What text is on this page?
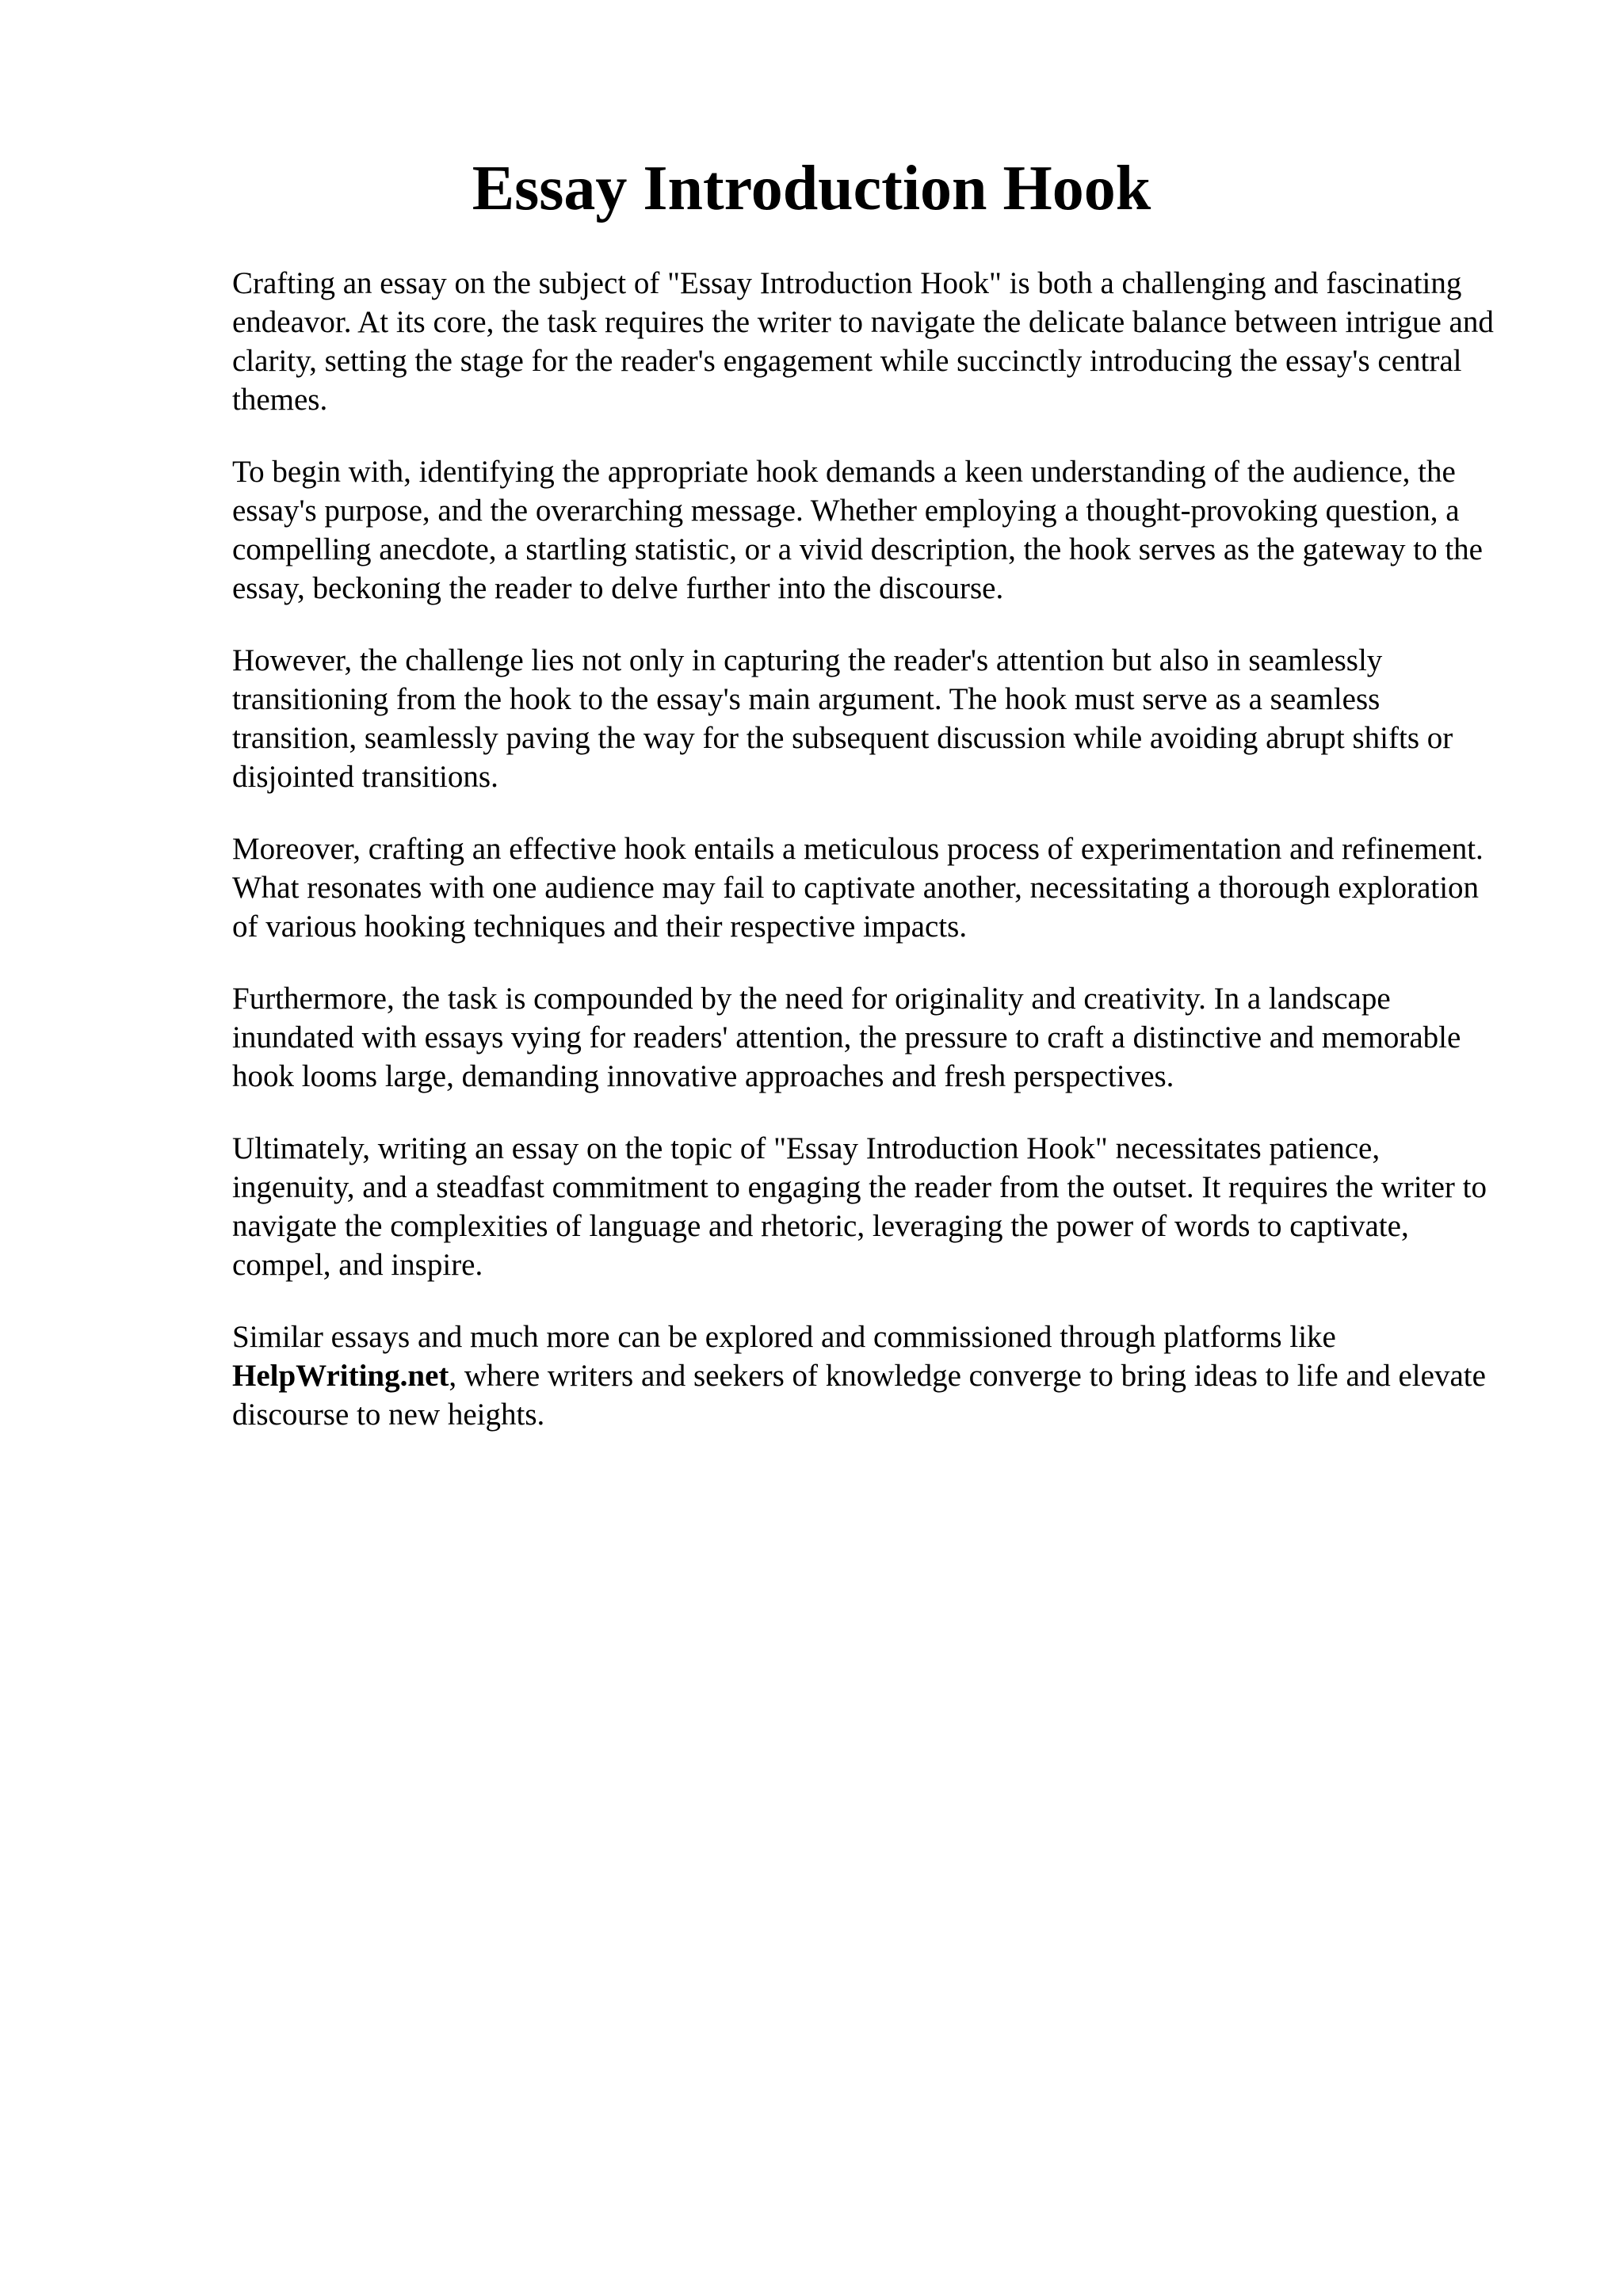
Essay Introduction Hook

Crafting an essay on the subject of "Essay Introduction Hook" is both a challenging and fascinating endeavor. At its core, the task requires the writer to navigate the delicate balance between intrigue and clarity, setting the stage for the reader's engagement while succinctly introducing the essay's central themes.

To begin with, identifying the appropriate hook demands a keen understanding of the audience, the essay's purpose, and the overarching message. Whether employing a thought-provoking question, a compelling anecdote, a startling statistic, or a vivid description, the hook serves as the gateway to the essay, beckoning the reader to delve further into the discourse.

However, the challenge lies not only in capturing the reader's attention but also in seamlessly transitioning from the hook to the essay's main argument. The hook must serve as a seamless transition, seamlessly paving the way for the subsequent discussion while avoiding abrupt shifts or disjointed transitions.

Moreover, crafting an effective hook entails a meticulous process of experimentation and refinement. What resonates with one audience may fail to captivate another, necessitating a thorough exploration of various hooking techniques and their respective impacts.

Furthermore, the task is compounded by the need for originality and creativity. In a landscape inundated with essays vying for readers' attention, the pressure to craft a distinctive and memorable hook looms large, demanding innovative approaches and fresh perspectives.

Ultimately, writing an essay on the topic of "Essay Introduction Hook" necessitates patience, ingenuity, and a steadfast commitment to engaging the reader from the outset. It requires the writer to navigate the complexities of language and rhetoric, leveraging the power of words to captivate, compel, and inspire.

Similar essays and much more can be explored and commissioned through platforms like HelpWriting.net, where writers and seekers of knowledge converge to bring ideas to life and elevate discourse to new heights.
